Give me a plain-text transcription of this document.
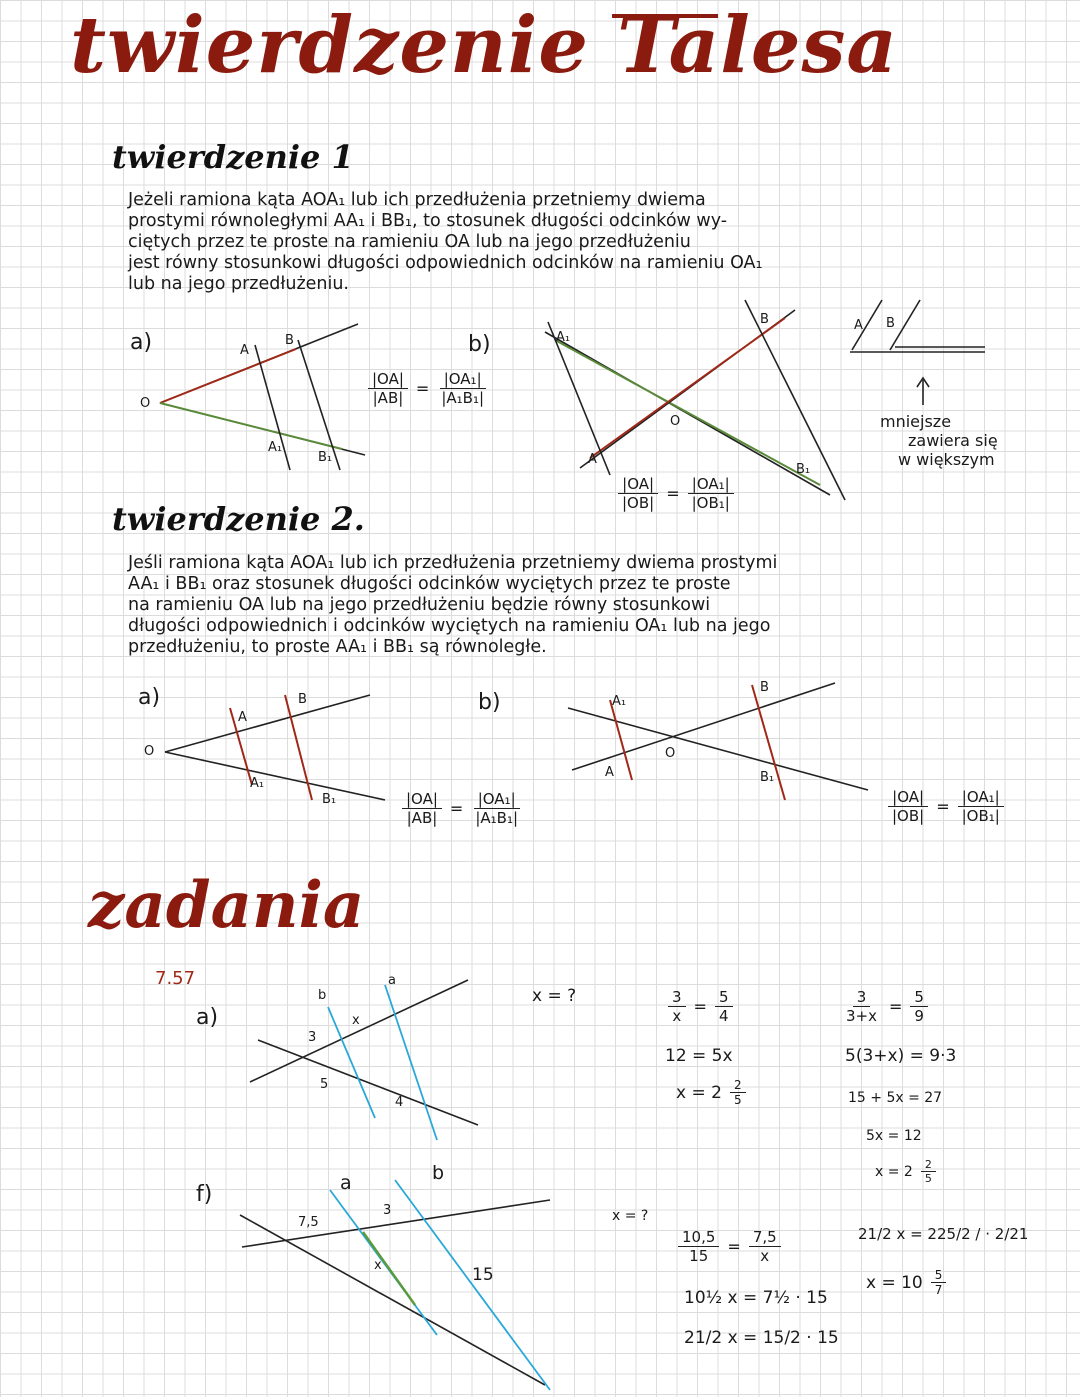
twierdzenie Talesa
twierdzenie 1
Jeżeli ramiona kąta AOA₁ lub ich przedłużenia przetniemy dwiema
prostymi równoległymi AA₁ i BB₁, to stosunek długości odcinków wy-
ciętych przez te proste na ramieniu OA lub na jego przedłużeniu
jest równy stosunkowi długości odpowiednich odcinków na ramieniu OA₁
lub na jego przedłużeniu.
a)
O
A
B
A₁
B₁
$\frac{|OA|}{|AB|} = \frac{\text{|OA₁|}}{\text{|A₁B₁|}}$
b)	A₁
B
O
A
B₁
$\frac{|OA|}{|OB|} = \frac{\text{|OA₁|}}{\text{|OB₁|}}$
A B
mniejsze
zawiera się
w większym
twierdzenie 2.
Jeśli ramiona kąta AOA₁ lub ich przedłużenia przetniemy dwiema prostymi
AA₁ i BB₁ oraz stosunek długości odcinków wyciętych przez te proste
na ramieniu OA lub na jego przedłużeniu będzie równy stosunkowi
długości odpowiednich i odcinków wyciętych na ramieniu OA₁ lub na jego
przedłużeniu, to proste AA₁ i BB₁ są równoległe.
a)
O
A
B
A₁
B₁	$\frac{|OA|}{|AB|} = \frac{\text{|OA₁|}}{\text{|A₁B₁|}}$
b)	A₁
B
O
A	B₁
$\frac{|OA|}{|OB|} = \frac{\text{|OA₁|}}{\text{|OB₁|}}$
zadania
7.57
a)
b
a
x
3
5
4
x = ?	$\frac{3}{x} = \frac{5}{4}$
12 = 5x
$x = 2 \frac{2}{5}$
$\frac{3}{3+x} = \frac{5}{9}$
5(3+x) = 9·3
15 + 5x = 27
5x = 12
$x = 2 \frac{2}{5}$
f)	a	b
7,5
3
x	15
x = ?
$\frac{10,5}{15} = \frac{7,5}{x}$
10½ x = 7½ · 15
21/2 x = 15/2 · 15
21/2 x = 225/2 / · 2/21
$x = 10 \frac{5}{7}$
